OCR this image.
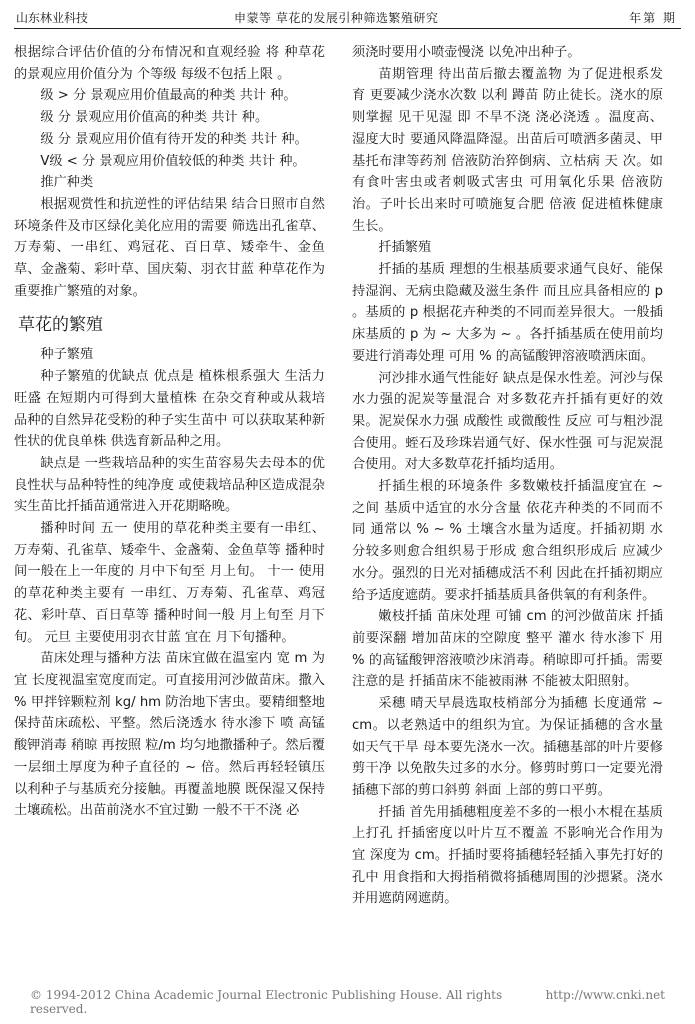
山东林业科技	申蒙等 草花的发展引种筛选繁殖研究	年第 期

根据综合评估价值的分布情况和直观经验 将 种草花的景观应用价值分为 个等级 每级不包括上限 。

级 > 分 景观应用价值最高的种类 共计 种。

级 分 景观应用价值高的种类 共计 种。

级 分 景观应用价值有待开发的种类 共计 种。

Ⅴ级 < 分 景观应用价值较低的种类 共计 种。

推广种类

根据观赏性和抗逆性的评估结果 结合日照市自然环境条件及市区绿化美化应用的需要 筛选出孔雀草、万寿菊、一串红、鸡冠花、百日草、矮牵牛、金鱼草、金盏菊、彩叶草、国庆菊、羽衣甘蓝 种草花作为重要推广繁殖的对象。

草花的繁殖
种子繁殖

种子繁殖的优缺点 优点是 植株根系强大 生活力旺盛 在短期内可得到大量植株 在杂交育种或从栽培品种的自然异花受粉的种子实生苗中 可以获取某种新性状的优良单株 供选育新品种之用。

缺点是 一些栽培品种的实生苗容易失去母本的优良性状与品种特性的纯净度 或使栽培品种区造成混杂 实生苗比扦插苗通常进入开花期略晚。

播种时间 五一 使用的草花种类主要有一串红、万寿菊、孔雀草、矮牵牛、金盏菊、金鱼草等 播种时间一般在上一年度的 月中下旬至 月上旬。 十一 使用的草花种类主要有 一串红、万寿菊、孔雀草、鸡冠花、彩叶草、百日草等 播种时间一般 月上旬至 月下旬。 元旦 主要使用羽衣甘蓝 宜在 月下旬播种。

苗床处理与播种方法 苗床宜做在温室内 宽 m 为宜 长度视温室宽度而定。可直接用河沙做苗床。撒入 % 甲拌锌颗粒剂 kg/ hm 防治地下害虫。要精细整地 保持苗床疏松、平整。然后浇透水 待水渗下 喷 高锰酸钾消毒 稍晾 再按照 粒/m 均匀地撒播种子。然后覆一层细土厚度为种子直径的 ~ 倍。然后再轻轻镇压 以利种子与基质充分接触。再覆盖地膜 既保湿又保持土壤疏松。出苗前浇水不宜过勤 一般不干不浇 必

须浇时要用小喷壶慢浇 以免冲出种子。

苗期管理 待出苗后撤去覆盖物 为了促进根系发育 更要减少浇水次数 以利 蹲苗 防止徒长。浇水的原则掌握 见干见湿 即 不旱不浇 浇必浇透 。温度高、湿度大时 要通风降温降湿。出苗后可喷洒多菌灵、甲基托布津等药剂 倍液防治猝倒病、立枯病 天 次。如有食叶害虫或者刺吸式害虫 可用氧化乐果 倍液防治。子叶长出来时可喷施复合肥 倍液 促进植株健康生长。

扦插繁殖

扦插的基质 理想的生根基质要求通气良好、能保持湿润、无病虫隐藏及滋生条件 而且应具备相应的 p 。基质的 p 根据花卉种类的不同而差异很大。一般插床基质的 p 为 ~ 大多为 ~ 。各扦插基质在使用前均要进行消毒处理 可用 % 的高锰酸钾溶液喷洒床面。

河沙排水通气性能好 缺点是保水性差。河沙与保水力强的泥炭等量混合 对多数花卉扦插有更好的效果。泥炭保水力强 成酸性 或微酸性 反应 可与粗沙混合使用。蛭石及珍珠岩通气好、保水性强 可与泥炭混合使用。对大多数草花扦插均适用。

扦插生根的环境条件 多数嫩枝扦插温度宜在 ~ 之间 基质中适宜的水分含量 依花卉种类的不同而不同 通常以 % ~ % 土壤含水量为适度。扦插初期 水分较多则愈合组织易于形成 愈合组织形成后 应减少水分。强烈的日光对插穗成活不利 因此在扦插初期应给予适度遮荫。要求扦插基质具备供氧的有利条件。

嫩枝扦插 苗床处理 可铺 cm 的河沙做苗床 扦插前要深翻 增加苗床的空隙度 整平 灌水 待水渗下 用 % 的高锰酸钾溶液喷沙床消毒。稍晾即可扦插。需要注意的是 扦插苗床不能被雨淋 不能被太阳照射。

采穗 晴天早晨选取枝梢部分为插穗 长度通常 ~ cm。以老熟适中的组织为宜。为保证插穗的含水量 如天气干旱 母本要先浇水一次。插穗基部的叶片要修剪干净 以免散失过多的水分。修剪时剪口一定要光滑 插穗下部的剪口斜剪 斜面 上部的剪口平剪。

扦插 首先用插穗粗度差不多的一根小木棍在基质上打孔 扦插密度以叶片互不覆盖 不影响光合作用为宜 深度为 cm。扦插时要将插穗轻轻插入事先打好的孔中 用食指和大拇指稍微将插穗周围的沙摁紧。浇水 并用遮荫网遮荫。

© 1994-2012 China Academic Journal Electronic Publishing House. All rights reserved.
http://www.cnki.net
